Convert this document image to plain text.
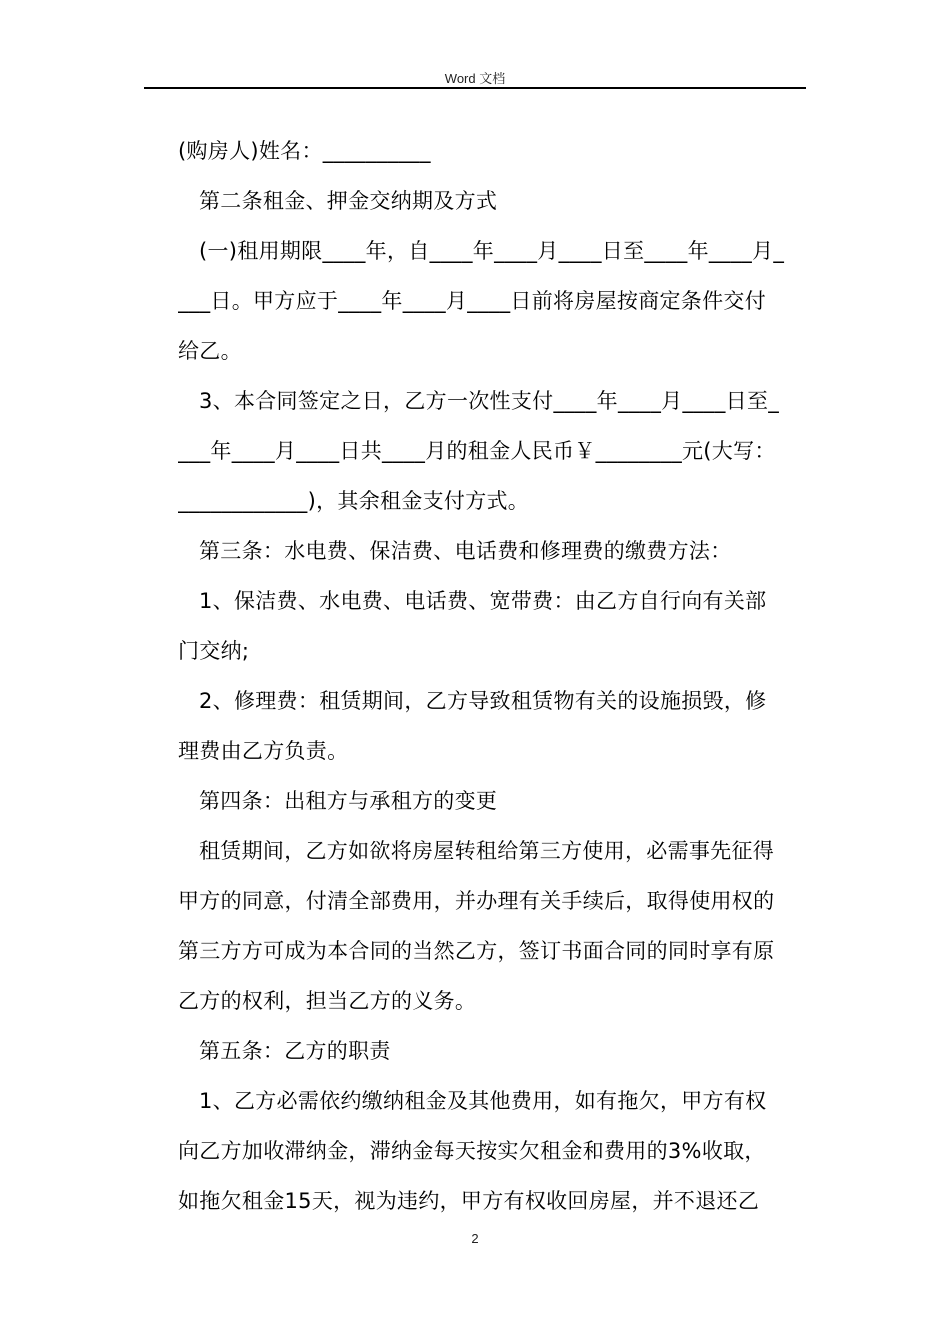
Word 文档

(购房人)姓名：__________

第二条租金、押金交纳期及方式

(一)租用期限____年，自____年____月____日至____年____月_

___日。甲方应于____年____月____日前将房屋按商定条件交付

给乙。

3、本合同签定之日，乙方一次性支付____年____月____日至_

___年____月____日共____月的租金人民币￥________元(大写：

____________)，其余租金支付方式。

第三条：水电费、保洁费、电话费和修理费的缴费方法：

1、保洁费、水电费、电话费、宽带费：由乙方自行向有关部

门交纳;

2、修理费：租赁期间，乙方导致租赁物有关的设施损毁，修

理费由乙方负责。

第四条：出租方与承租方的变更

租赁期间，乙方如欲将房屋转租给第三方使用，必需事先征得

甲方的同意，付清全部费用，并办理有关手续后，取得使用权的

第三方方可成为本合同的当然乙方，签订书面合同的同时享有原

乙方的权利，担当乙方的义务。

第五条：乙方的职责

1、乙方必需依约缴纳租金及其他费用，如有拖欠，甲方有权

向乙方加收滞纳金，滞纳金每天按实欠租金和费用的3%收取，

如拖欠租金15天，视为违约，甲方有权收回房屋，并不退还乙

2
